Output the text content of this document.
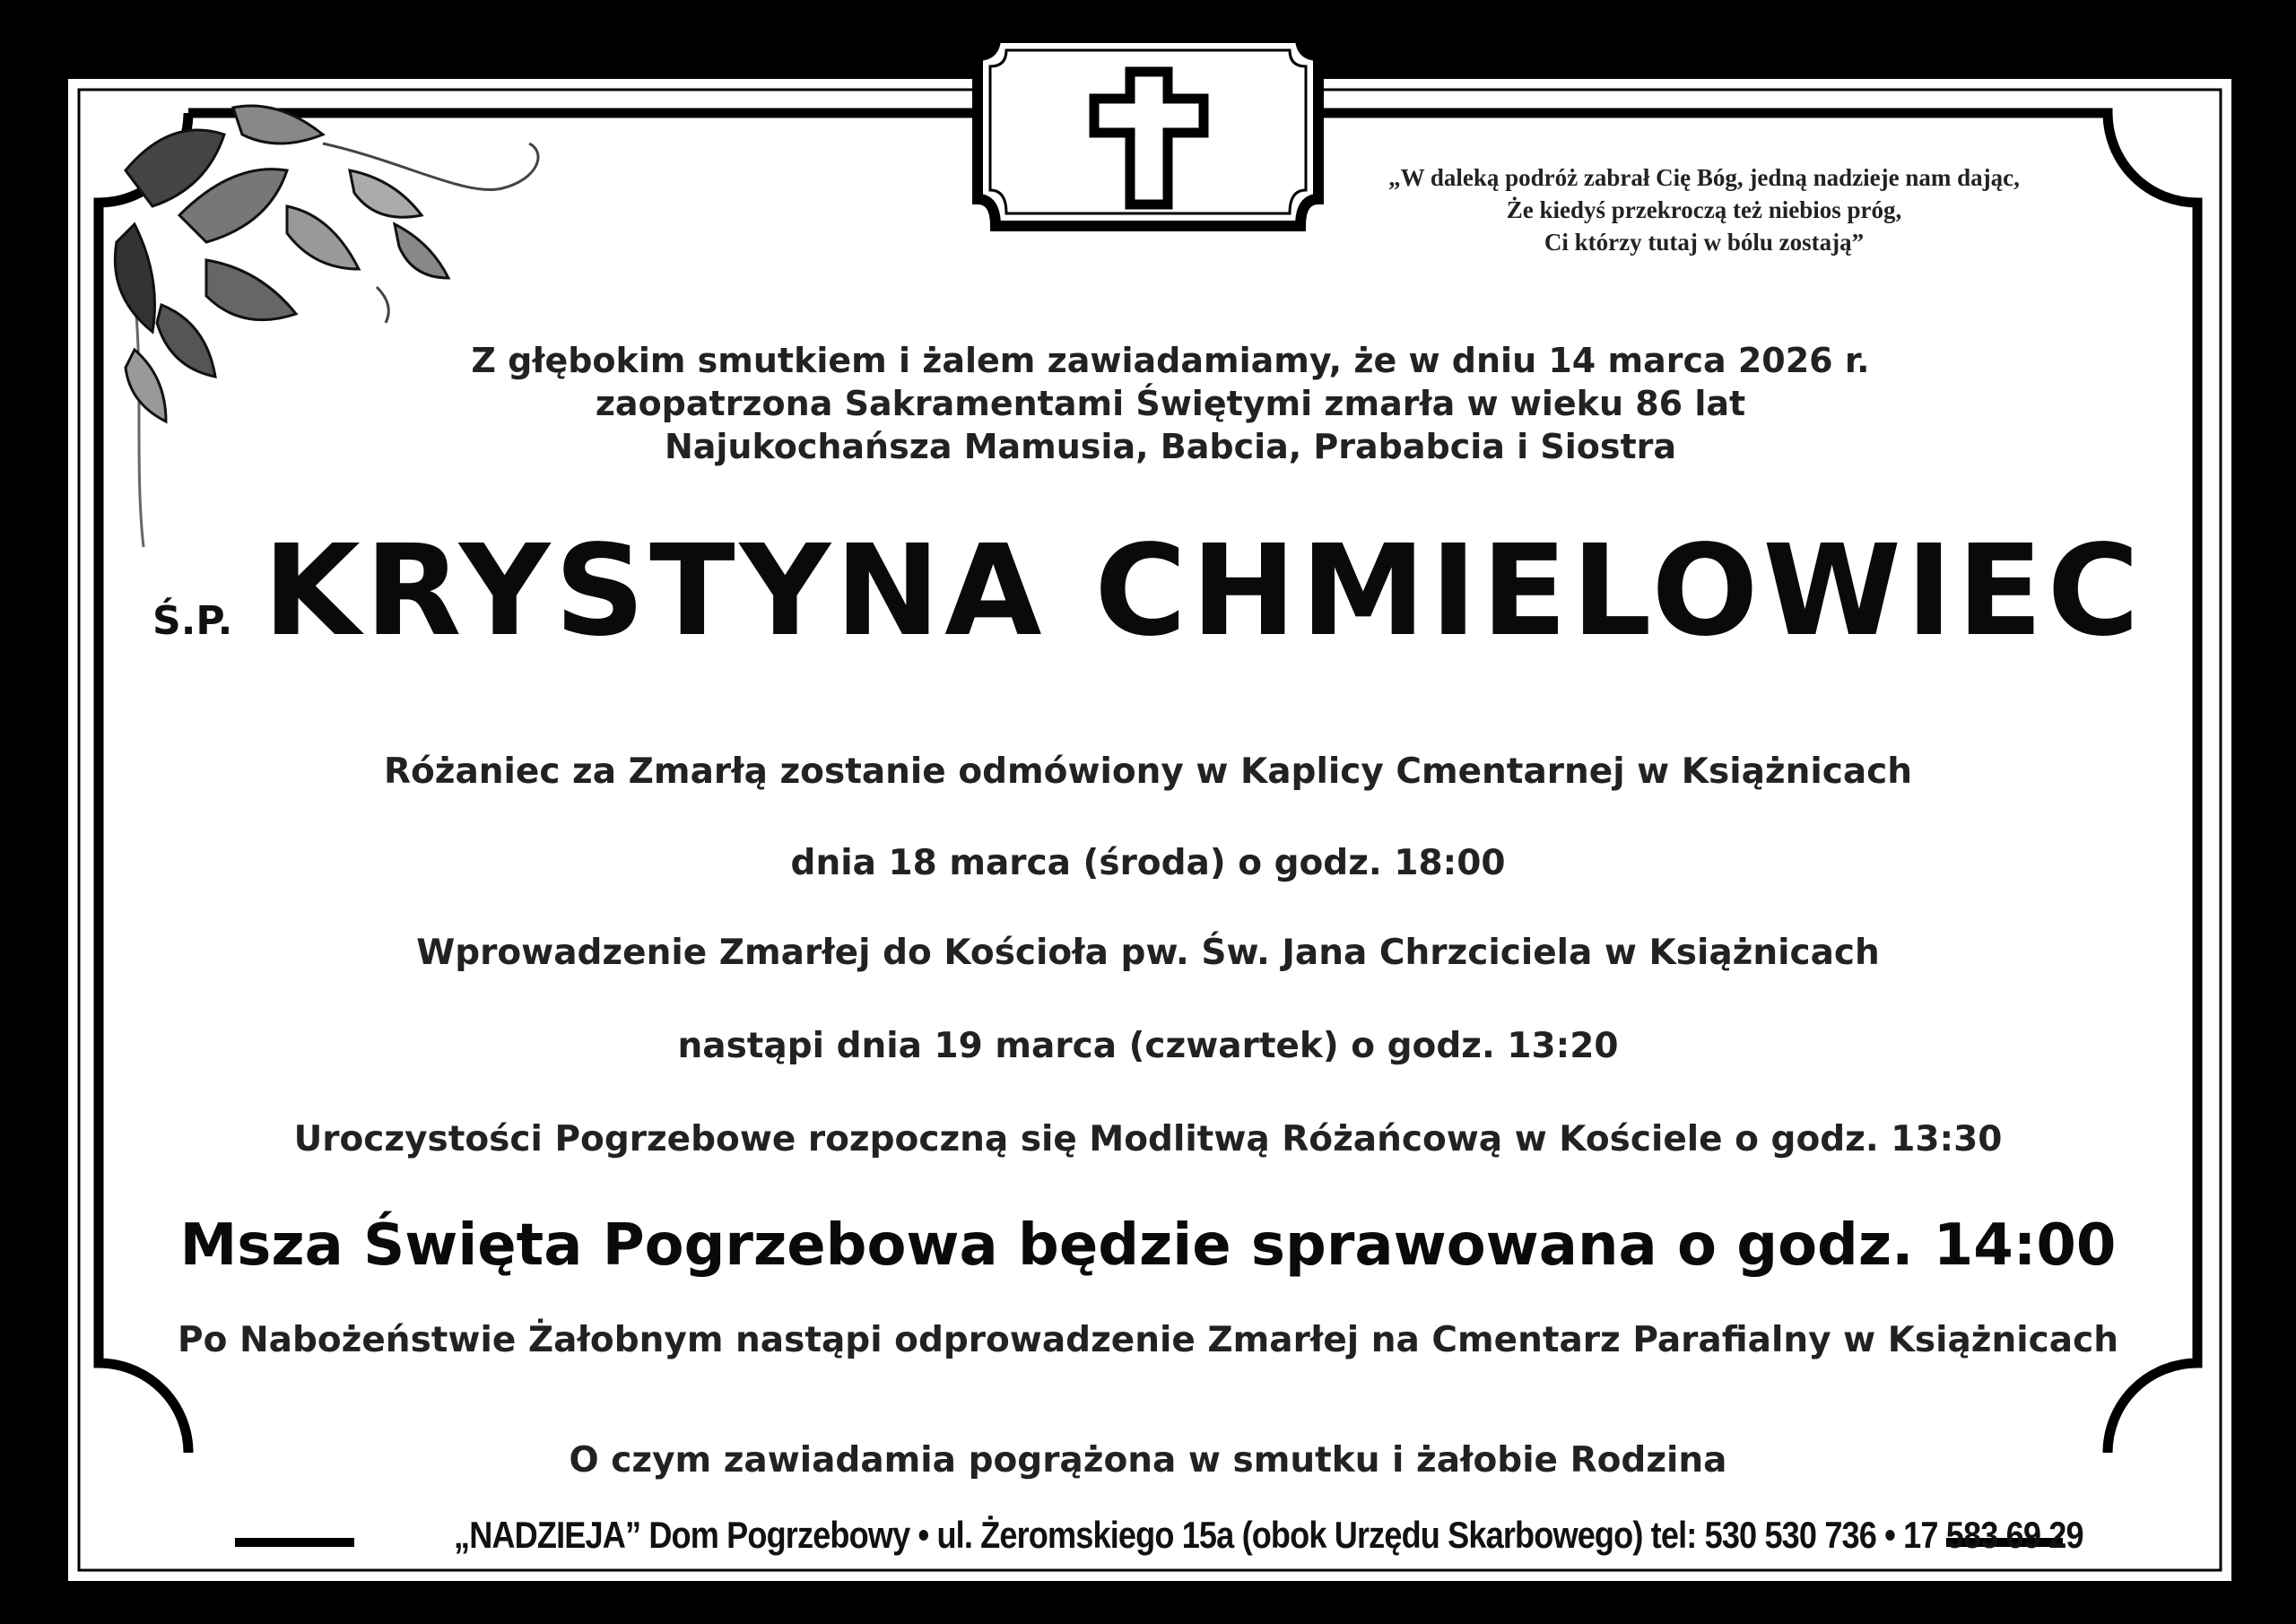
„W daleką podróż zabrał Cię Bóg, jedną nadzieje nam dając,
Że kiedyś przekroczą też niebios próg,
Ci którzy tutaj w bólu zostają”
Z głębokim smutkiem i żalem zawiadamiamy, że w dniu 14 marca 2026 r.
zaopatrzona Sakramentami Świętymi zmarła w wieku 86 lat
Najukochańsza Mamusia, Babcia, Prababcia i Siostra
Ś.P. KRYSTYNA CHMIELOWIEC
Różaniec za Zmarłą zostanie odmówiony w Kaplicy Cmentarnej w Książnicach
dnia 18 marca (środa) o godz. 18:00
Wprowadzenie Zmarłej do Kościoła pw. Św. Jana Chrzciciela w Książnicach
nastąpi dnia 19 marca (czwartek) o godz. 13:20
Uroczystości Pogrzebowe rozpoczną się Modlitwą Różańcową w Kościele o godz. 13:30
Msza Święta Pogrzebowa będzie sprawowana o godz. 14:00
Po Nabożeństwie Żałobnym nastąpi odprowadzenie Zmarłej na Cmentarz Parafialny w Książnicach
O czym zawiadamia pogrążona w smutku i żałobie Rodzina
„NADZIEJA” Dom Pogrzebowy • ul. Żeromskiego 15a (obok Urzędu Skarbowego) tel: 530 530 736 • 17 583 69 29
